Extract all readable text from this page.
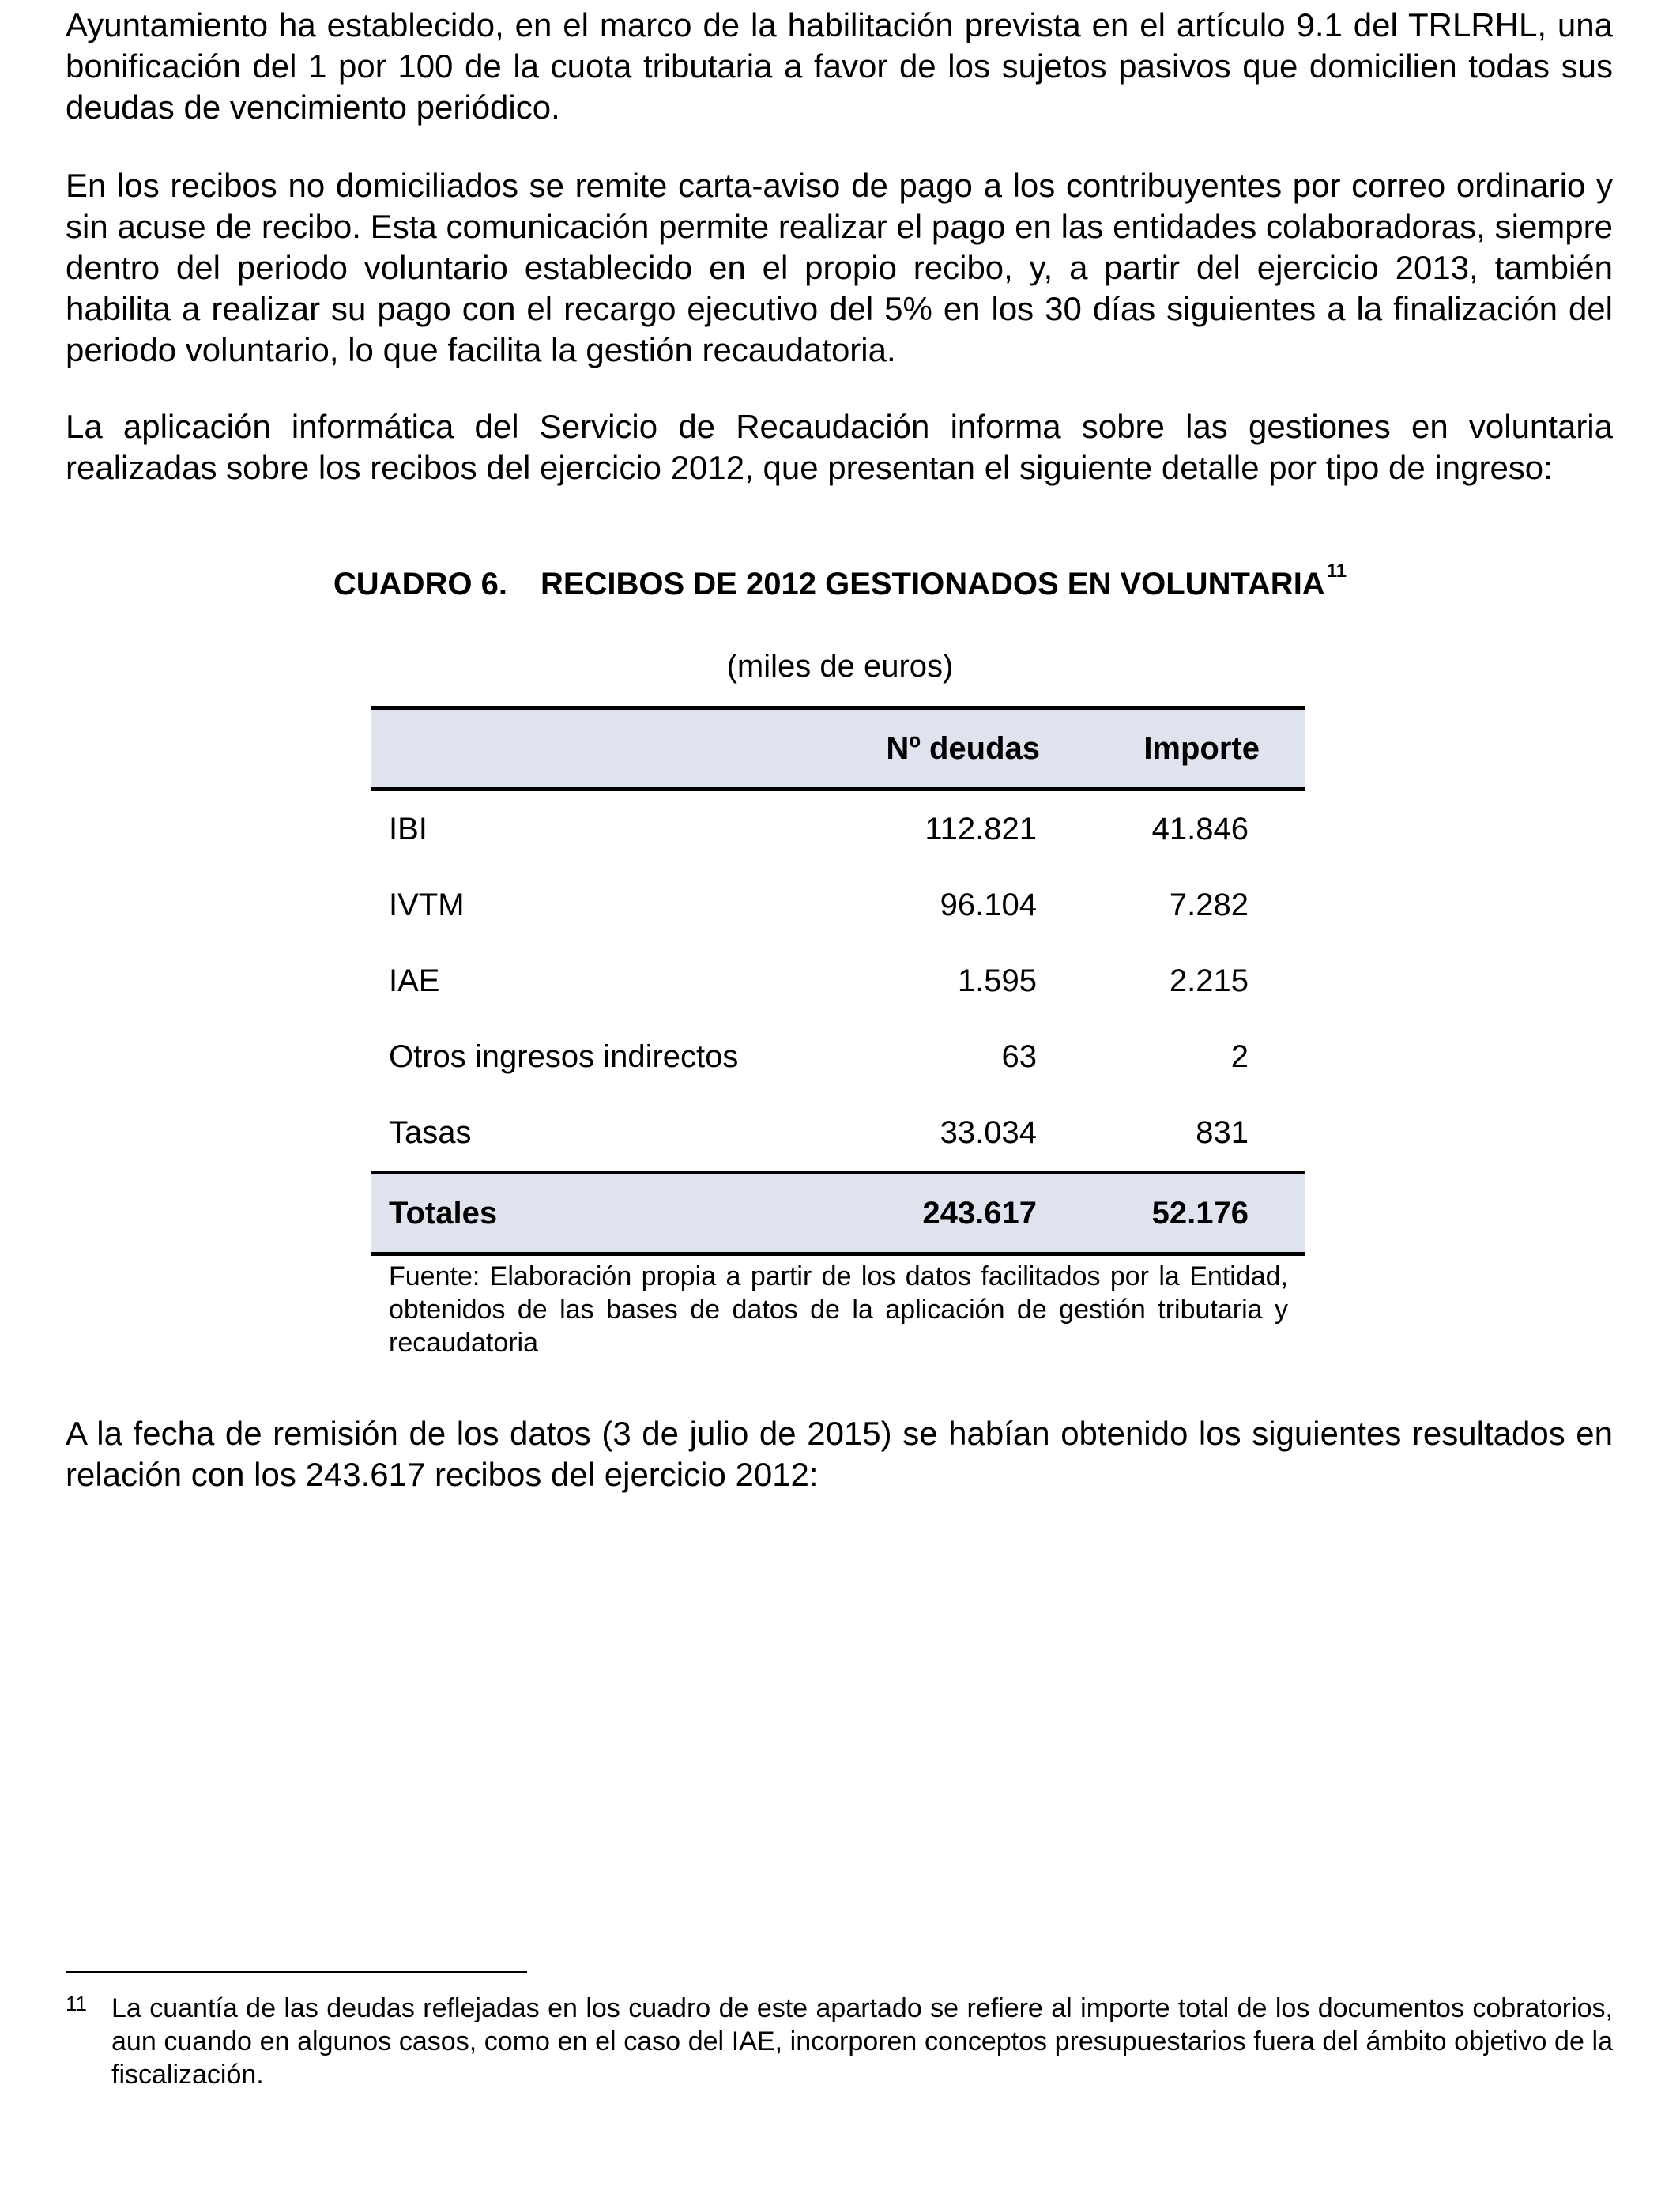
Ayuntamiento ha establecido, en el marco de la habilitación prevista en el artículo 9.1 del TRLRHL, una bonificación del 1 por 100 de la cuota tributaria a favor de los sujetos pasivos que domicilien todas sus deudas de vencimiento periódico.

En los recibos no domiciliados se remite carta-aviso de pago a los contribuyentes por correo ordinario y sin acuse de recibo. Esta comunicación permite realizar el pago en las entidades colaboradoras, siempre dentro del periodo voluntario establecido en el propio recibo, y, a partir del ejercicio 2013, también habilita a realizar su pago con el recargo ejecutivo del 5% en los 30 días siguientes a la finalización del periodo voluntario, lo que facilita la gestión recaudatoria.

La aplicación informática del Servicio de Recaudación informa sobre las gestiones en voluntaria realizadas sobre los recibos del ejercicio 2012, que presentan el siguiente detalle por tipo de ingreso:

CUADRO 6. RECIBOS DE 2012 GESTIONADOS EN VOLUNTARIA$^{11}$
(miles de euros)
	Nº deudas	Importe
IBI	112.821	41.846
IVTM	96.104	7.282
IAE	1.595	2.215
Otros ingresos indirectos	63	2
Tasas	33.034	831
Totales	243.617	52.176

Fuente: Elaboración propia a partir de los datos facilitados por la Entidad, obtenidos de las bases de datos de la aplicación de gestión tributaria y recaudatoria

A la fecha de remisión de los datos (3 de julio de 2015) se habían obtenido los siguientes resultados en relación con los 243.617 recibos del ejercicio 2012:

11 La cuantía de las deudas reflejadas en los cuadro de este apartado se refiere al importe total de los documentos cobratorios, aun cuando en algunos casos, como en el caso del IAE, incorporen conceptos presupuestarios fuera del ámbito objetivo de la fiscalización.
